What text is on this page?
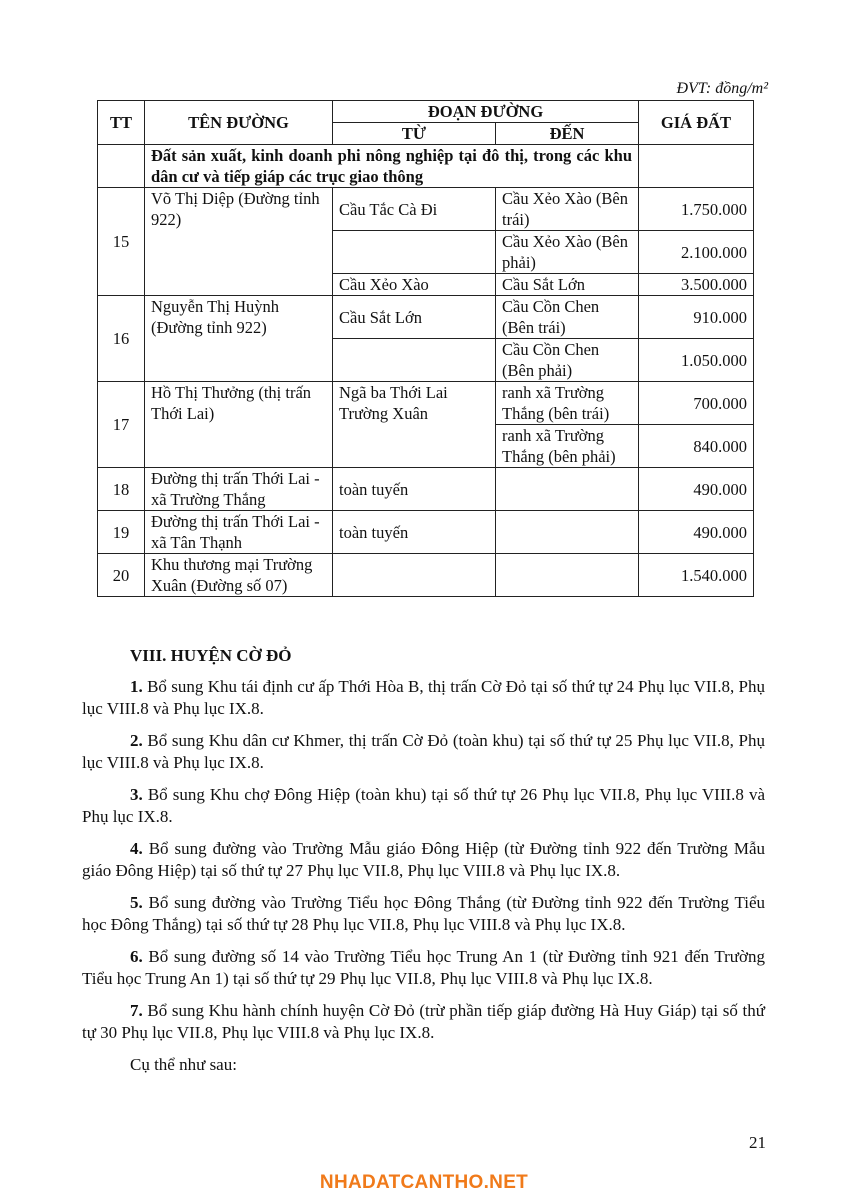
ĐVT: đồng/m²
TT	TÊN ĐƯỜNG	ĐOẠN ĐƯỜNG		GIÁ ĐẤT
		TỪ	ĐẾN	
	Đất sản xuất, kinh doanh phi nông nghiệp tại đô thị, trong các khu dân cư và tiếp giáp các trục giao thông			
15	Võ Thị Diệp (Đường tỉnh 922)	Cầu Tắc Cà Đi	Cầu Xẻo Xào (Bên trái)	1.750.000
			Cầu Xẻo Xào (Bên phải)	2.100.000
		Cầu Xẻo Xào	Cầu Sắt Lớn	3.500.000
16	Nguyễn Thị Huỳnh (Đường tỉnh 922)	Cầu Sắt Lớn	Cầu Cồn Chen (Bên trái)	910.000
			Cầu Cồn Chen (Bên phải)	1.050.000
17	Hồ Thị Thưởng (thị trấn Thới Lai)	Ngã ba Thới Lai Trường Xuân	ranh xã Trường Thắng (bên trái)	700.000
			ranh xã Trường Thắng (bên phải)	840.000
18	Đường thị trấn Thới Lai - xã Trường Thắng	toàn tuyến		490.000
19	Đường thị trấn Thới Lai - xã Tân Thạnh	toàn tuyến		490.000
20	Khu thương mại Trường Xuân (Đường số 07)			1.540.000

VIII. HUYỆN CỜ ĐỎ

1. Bổ sung Khu tái định cư ấp Thới Hòa B, thị trấn Cờ Đỏ tại số thứ tự 24 Phụ lục VII.8, Phụ lục VIII.8 và Phụ lục IX.8.

2. Bổ sung Khu dân cư Khmer, thị trấn Cờ Đỏ (toàn khu) tại số thứ tự 25 Phụ lục VII.8, Phụ lục VIII.8 và Phụ lục IX.8.

3. Bổ sung Khu chợ Đông Hiệp (toàn khu) tại số thứ tự 26 Phụ lục VII.8, Phụ lục VIII.8 và Phụ lục IX.8.

4. Bổ sung đường vào Trường Mẫu giáo Đông Hiệp (từ Đường tỉnh 922 đến Trường Mẫu giáo Đông Hiệp) tại số thứ tự 27 Phụ lục VII.8, Phụ lục VIII.8 và Phụ lục IX.8.

5. Bổ sung đường vào Trường Tiểu học Đông Thắng (từ Đường tỉnh 922 đến Trường Tiểu học Đông Thắng) tại số thứ tự 28 Phụ lục VII.8, Phụ lục VIII.8 và Phụ lục IX.8.

6. Bổ sung đường số 14 vào Trường Tiểu học Trung An 1 (từ Đường tỉnh 921 đến Trường Tiểu học Trung An 1) tại số thứ tự 29 Phụ lục VII.8, Phụ lục VIII.8 và Phụ lục IX.8.

7. Bổ sung Khu hành chính huyện Cờ Đỏ (trừ phần tiếp giáp đường Hà Huy Giáp) tại số thứ tự 30 Phụ lục VII.8, Phụ lục VIII.8 và Phụ lục IX.8.

Cụ thể như sau:

21
NHADATCANTHO.NET
